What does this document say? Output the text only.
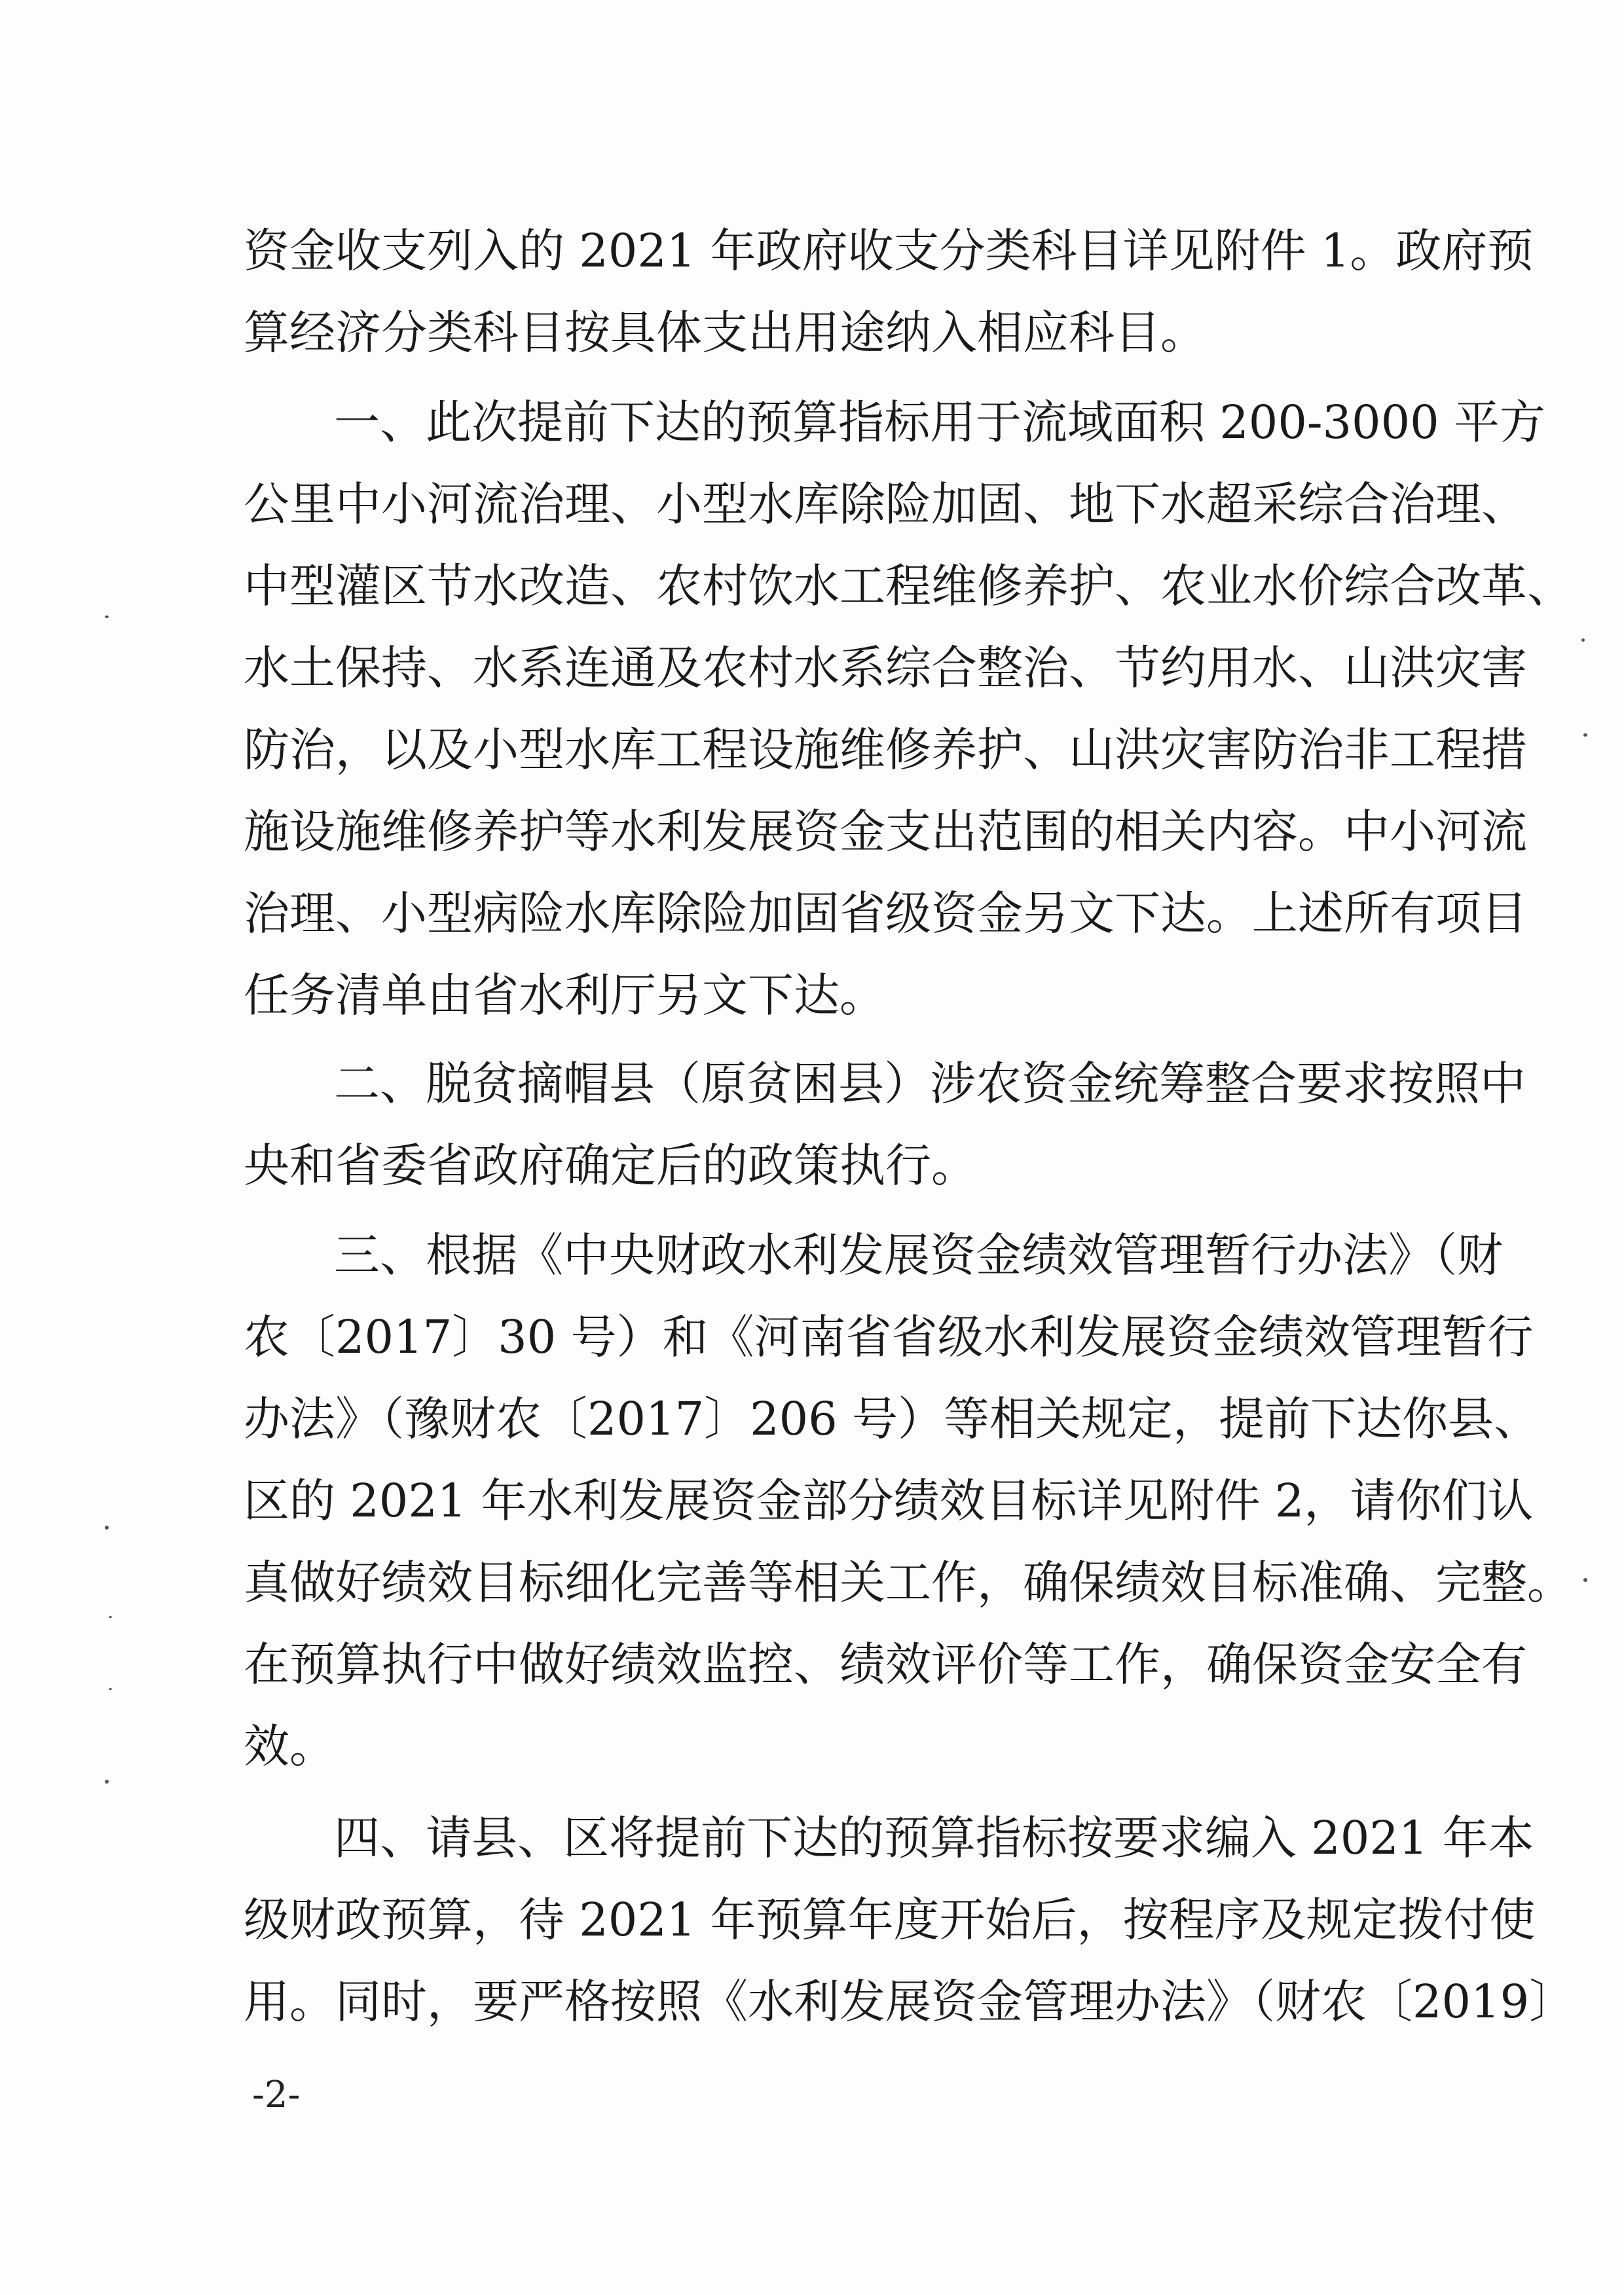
资金收支列入的 2021 年政府收支分类科目详见附件 1。政府预
算经济分类科目按具体支出用途纳入相应科目。
一、此次提前下达的预算指标用于流域面积 200-3000 平方
公里中小河流治理、小型水库除险加固、地下水超采综合治理、
中型灌区节水改造、农村饮水工程维修养护、农业水价综合改革、
水土保持、水系连通及农村水系综合整治、节约用水、山洪灾害
防治，以及小型水库工程设施维修养护、山洪灾害防治非工程措
施设施维修养护等水利发展资金支出范围的相关内容。中小河流
治理、小型病险水库除险加固省级资金另文下达。上述所有项目
任务清单由省水利厅另文下达。
二、脱贫摘帽县（原贫困县）涉农资金统筹整合要求按照中
央和省委省政府确定后的政策执行。
三、根据《中央财政水利发展资金绩效管理暂行办法》（财
农〔2017〕30 号）和《河南省省级水利发展资金绩效管理暂行
办法》（豫财农〔2017〕206 号）等相关规定，提前下达你县、
区的 2021 年水利发展资金部分绩效目标详见附件 2，请你们认
真做好绩效目标细化完善等相关工作，确保绩效目标准确、完整。
在预算执行中做好绩效监控、绩效评价等工作，确保资金安全有
效。
四、请县、区将提前下达的预算指标按要求编入 2021 年本
级财政预算，待 2021 年预算年度开始后，按程序及规定拨付使
用。同时，要严格按照《水利发展资金管理办法》（财农〔2019〕
-2-
